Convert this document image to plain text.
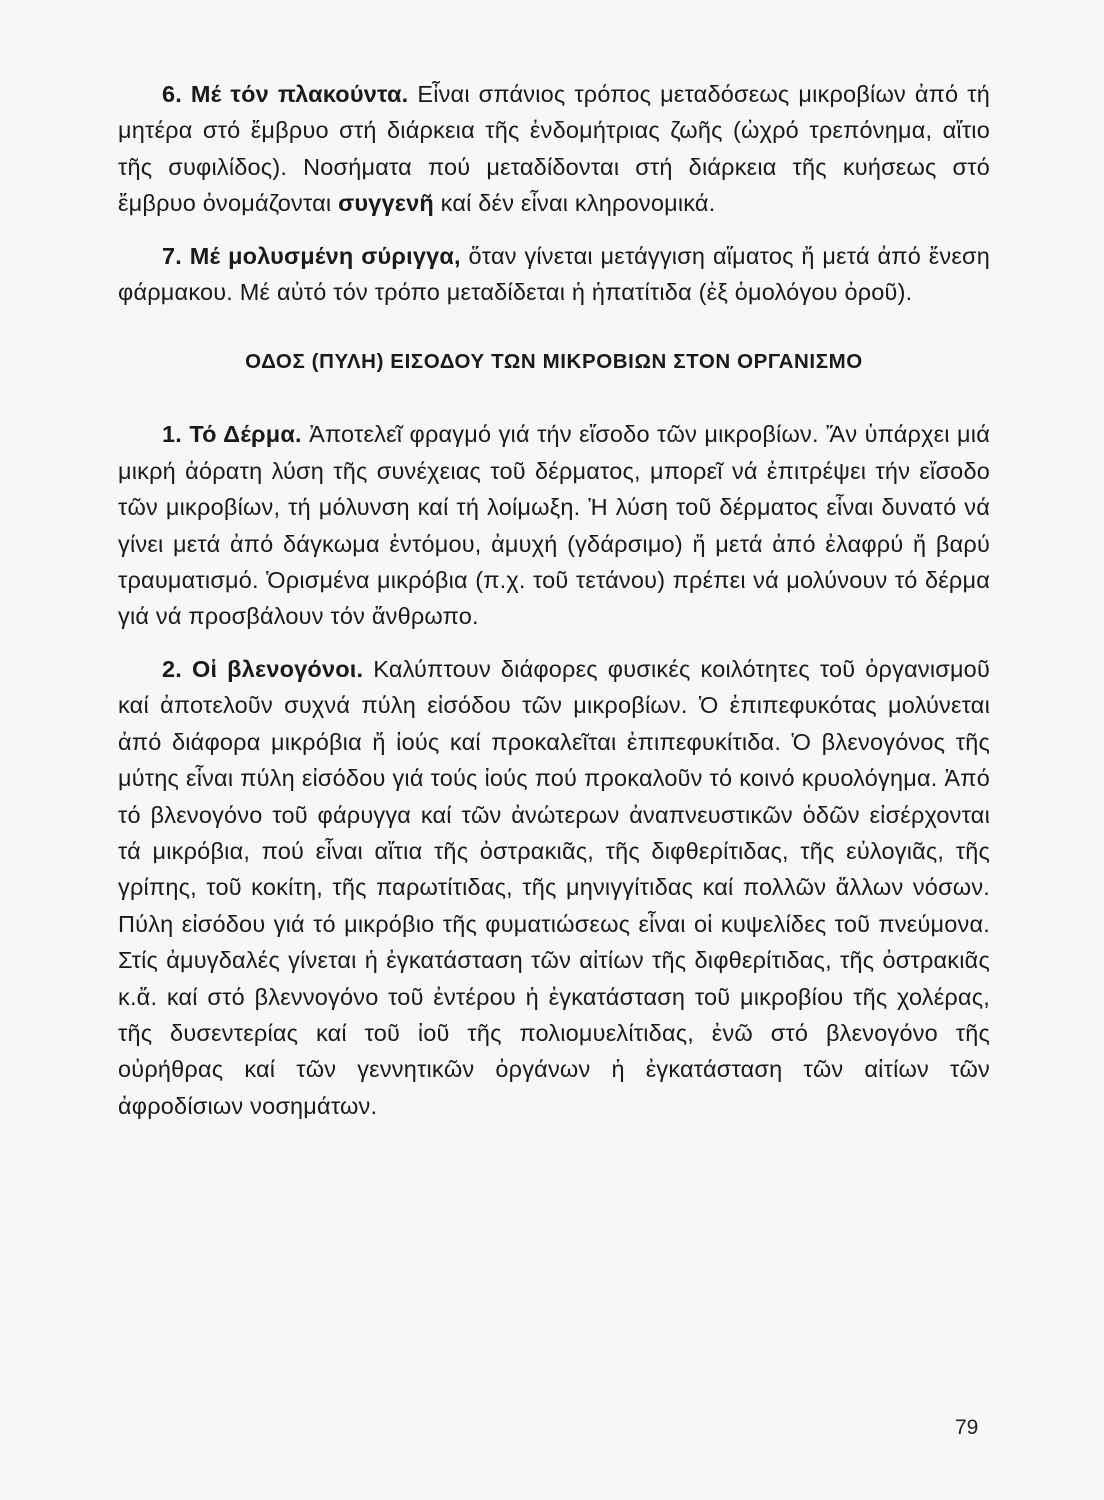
6. Μέ τόν πλακούντα. Εἶναι σπάνιος τρόπος μεταδόσεως μικροβίων ἀπό τή μητέρα στό ἔμβρυο στή διάρκεια τῆς ἐνδομήτριας ζωῆς (ὠχρό τρεπόνημα, αἴτιο τῆς συφιλίδος). Νοσήματα πού μεταδίδονται στή διάρκεια τῆς κυήσεως στό ἔμβρυο ὀνομάζονται συγγενῆ καί δέν εἶναι κληρονομικά.

7. Μέ μολυσμένη σύριγγα, ὅταν γίνεται μετάγγιση αἵματος ἤ μετά ἀπό ἔνεση φάρμακου. Μέ αὐτό τόν τρόπο μεταδίδεται ἡ ἡπατίτιδα (ἐξ ὁμολόγου ὀροῦ).

ΟΔΟΣ (ΠΥΛΗ) ΕΙΣΟΔΟΥ ΤΩΝ ΜΙΚΡΟΒΙΩΝ ΣΤΟΝ ΟΡΓΑΝΙΣΜΟ

1. Τό Δέρμα. Ἀποτελεῖ φραγμό γιά τήν εἴσοδο τῶν μικροβίων. Ἄν ὑπάρχει μιά μικρή ἀόρατη λύση τῆς συνέχειας τοῦ δέρματος, μπορεῖ νά ἐπιτρέψει τήν εἴσοδο τῶν μικροβίων, τή μόλυνση καί τή λοίμωξη. Ἡ λύση τοῦ δέρματος εἶναι δυνατό νά γίνει μετά ἀπό δάγκωμα ἐντόμου, ἀμυχή (γδάρσιμο) ἤ μετά ἀπό ἐλαφρύ ἤ βαρύ τραυματισμό. Ὁρισμένα μικρόβια (π.χ. τοῦ τετάνου) πρέπει νά μολύνουν τό δέρμα γιά νά προσβάλουν τόν ἄνθρωπο.

2. Οἱ βλενογόνοι. Καλύπτουν διάφορες φυσικές κοιλότητες τοῦ ὀργανισμοῦ καί ἀποτελοῦν συχνά πύλη εἰσόδου τῶν μικροβίων. Ὁ ἐπιπεφυκότας μολύνεται ἀπό διάφορα μικρόβια ἤ ἰούς καί προκαλεῖται ἐπιπεφυκίτιδα. Ὁ βλενογόνος τῆς μύτης εἶναι πύλη εἰσόδου γιά τούς ἰούς πού προκαλοῦν τό κοινό κρυολόγημα. Ἀπό τό βλενογόνο τοῦ φάρυγγα καί τῶν ἀνώτερων ἀναπνευστικῶν ὁδῶν εἰσέρχονται τά μικρόβια, πού εἶναι αἴτια τῆς ὀστρακιᾶς, τῆς διφθερίτιδας, τῆς εὐλογιᾶς, τῆς γρίπης, τοῦ κοκίτη, τῆς παρωτίτιδας, τῆς μηνιγγίτιδας καί πολλῶν ἄλλων νόσων. Πύλη εἰσόδου γιά τό μικρόβιο τῆς φυματιώσεως εἶναι οἱ κυψελίδες τοῦ πνεύμονα. Στίς ἀμυγδαλές γίνεται ἡ ἐγκατάσταση τῶν αἰτίων τῆς διφθερίτιδας, τῆς ὀστρακιᾶς κ.ἄ. καί στό βλεννογόνο τοῦ ἐντέρου ἡ ἐγκατάσταση τοῦ μικροβίου τῆς χολέρας, τῆς δυσεντερίας καί τοῦ ἰοῦ τῆς πολιομυελίτιδας, ἐνῶ στό βλενογόνο τῆς οὐρήθρας καί τῶν γεννητικῶν ὀργάνων ἡ ἐγκατάσταση τῶν αἰτίων τῶν ἀφροδίσιων νοσημάτων.

79
